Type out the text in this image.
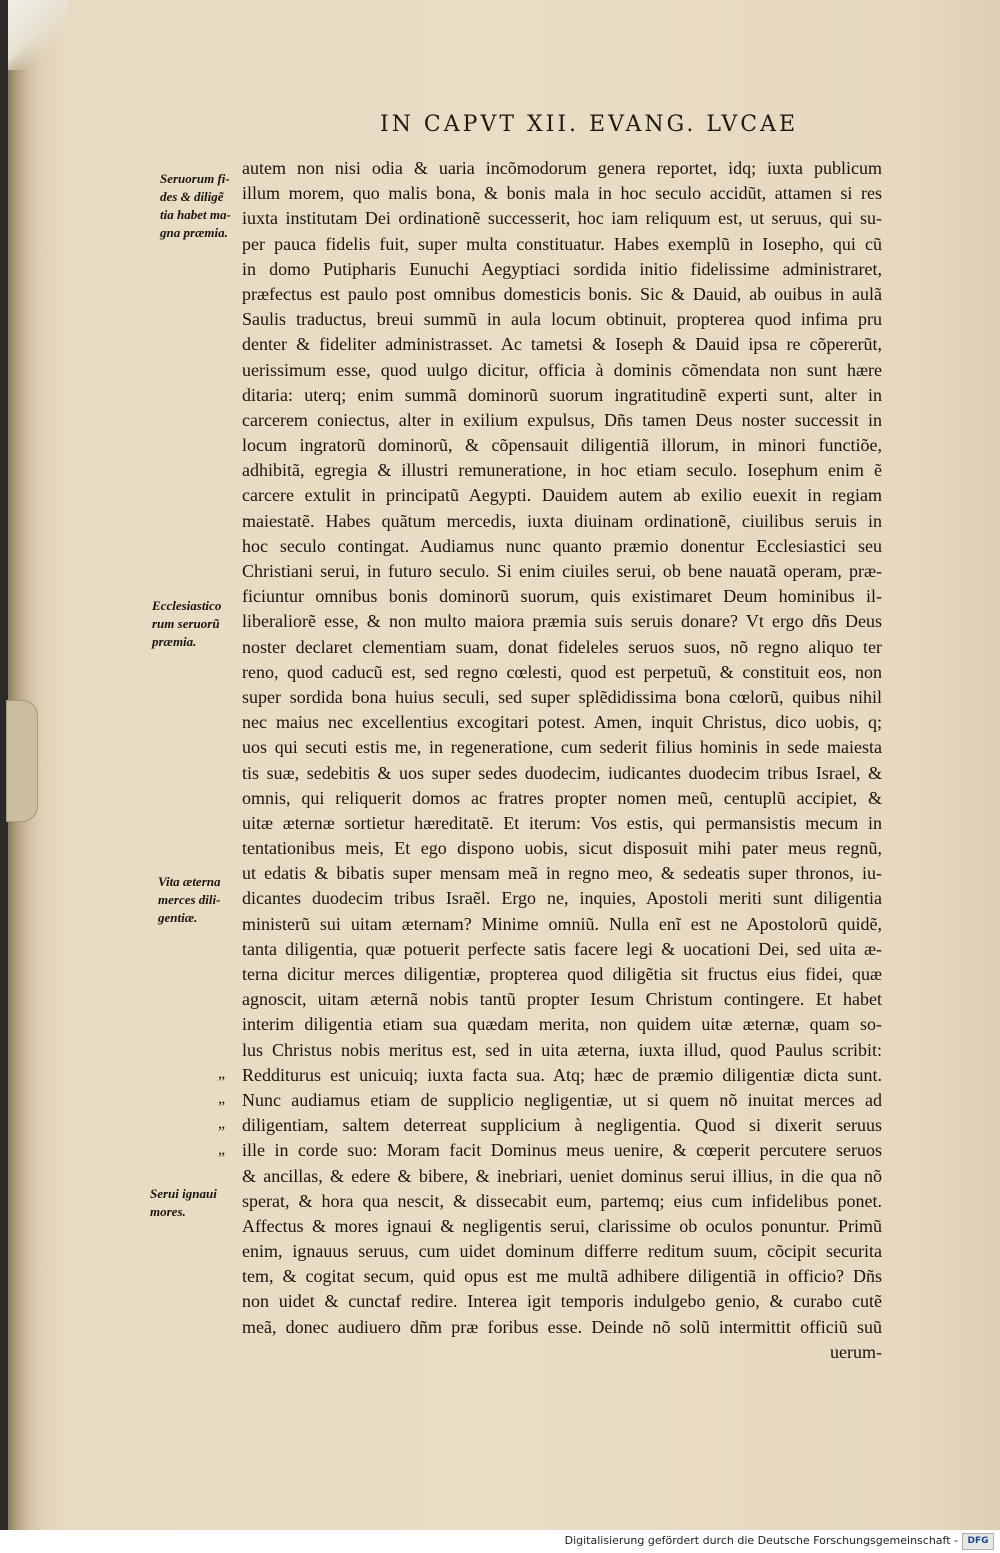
IN CAPVT XII. EVANG. LVCAE
Seruorum fi-
des & diligẽ
tia habet ma-
gna præmia.
Ecclesiastico
rum seruorũ
præmia.
Vita æterna
merces dili-
gentiæ.
Serui ignaui
mores.
„
„
„
„
autem non nisi odia & uaria incõmodorum genera reportet, idq; iuxta publicum
illum morem, quo malis bona, & bonis mala in hoc seculo accidũt, attamen si res
iuxta institutam Dei ordinationẽ successerit, hoc iam reliquum est, ut seruus, qui su-
per pauca fidelis fuit, super multa constituatur. Habes exemplũ in Iosepho, qui cũ
in domo Putipharis Eunuchi Aegyptiaci sordida initio fidelissime administraret,
præfectus est paulo post omnibus domesticis bonis. Sic & Dauid, ab ouibus in aulã
Saulis traductus, breui summũ in aula locum obtinuit, propterea quod infima pru
denter & fideliter administrasset. Ac tametsi & Ioseph & Dauid ipsa re cõpererũt,
uerissimum esse, quod uulgo dicitur, officia à dominis cõmendata non sunt hære
ditaria: uterq; enim summã dominorũ suorum ingratitudinẽ experti sunt, alter in
carcerem coniectus, alter in exilium expulsus, Dñs tamen Deus noster successit in
locum ingratorũ dominorũ, & cõpensauit diligentiã illorum, in minori functiõe,
adhibitã, egregia & illustri remuneratione, in hoc etiam seculo. Iosephum enim ẽ
carcere extulit in principatũ Aegypti. Dauidem autem ab exilio euexit in regiam
maiestatẽ. Habes quãtum mercedis, iuxta diuinam ordinationẽ, ciuilibus seruis in
hoc seculo contingat. Audiamus nunc quanto præmio donentur Ecclesiastici seu
Christiani serui, in futuro seculo. Si enim ciuiles serui, ob bene nauatã operam, præ-
ficiuntur omnibus bonis dominorũ suorum, quis existimaret Deum hominibus il-
liberaliorẽ esse, & non multo maiora præmia suis seruis donare? Vt ergo dñs Deus
noster declaret clementiam suam, donat fideleles seruos suos, nõ regno aliquo ter
reno, quod caducũ est, sed regno cœlesti, quod est perpetuũ, & constituit eos, non
super sordida bona huius seculi, sed super splẽdidissima bona cœlorũ, quibus nihil
nec maius nec excellentius excogitari potest. Amen, inquit Christus, dico uobis, q;
uos qui secuti estis me, in regeneratione, cum sederit filius hominis in sede maiesta
tis suæ, sedebitis & uos super sedes duodecim, iudicantes duodecim tribus Israel, &
omnis, qui reliquerit domos ac fratres propter nomen meũ, centuplũ accipiet, &
uitæ æternæ sortietur hæreditatẽ. Et iterum: Vos estis, qui permansistis mecum in
tentationibus meis, Et ego dispono uobis, sicut disposuit mihi pater meus regnũ,
ut edatis & bibatis super mensam meã in regno meo, & sedeatis super thronos, iu-
dicantes duodecim tribus Israẽl. Ergo ne, inquies, Apostoli meriti sunt diligentia
ministerũ sui uitam æternam? Minime omniũ. Nulla enĩ est ne Apostolorũ quidẽ,
tanta diligentia, quæ potuerit perfecte satis facere legi & uocationi Dei, sed uita æ-
terna dicitur merces diligentiæ, propterea quod diligẽtia sit fructus eius fidei, quæ
agnoscit, uitam æternã nobis tantũ propter Iesum Christum contingere. Et habet
interim diligentia etiam sua quædam merita, non quidem uitæ æternæ, quam so-
lus Christus nobis meritus est, sed in uita æterna, iuxta illud, quod Paulus scribit:
Redditurus est unicuiq; iuxta facta sua. Atq; hæc de præmio diligentiæ dicta sunt.
Nunc audiamus etiam de supplicio negligentiæ, ut si quem nõ inuitat merces ad
diligentiam, saltem deterreat supplicium à negligentia. Quod si dixerit seruus
ille in corde suo: Moram facit Dominus meus uenire, & cœperit percutere seruos
& ancillas, & edere & bibere, & inebriari, ueniet dominus serui illius, in die qua nõ
sperat, & hora qua nescit, & dissecabit eum, partemq; eius cum infidelibus ponet.
Affectus & mores ignaui & negligentis serui, clarissime ob oculos ponuntur. Primũ
enim, ignauus seruus, cum uidet dominum differre reditum suum, cõcipit securita
tem, & cogitat secum, quid opus est me multã adhibere diligentiã in officio? Dñs
non uidet & cunctaf redire. Interea igit temporis indulgebo genio, & curabo cutẽ
meã, donec audiuero dñm præ foribus esse. Deinde nõ solũ intermittit officiũ suũ
uerum-
Digitalisierung gefördert durch die Deutsche Forschungsgemeinschaft -	DFG
